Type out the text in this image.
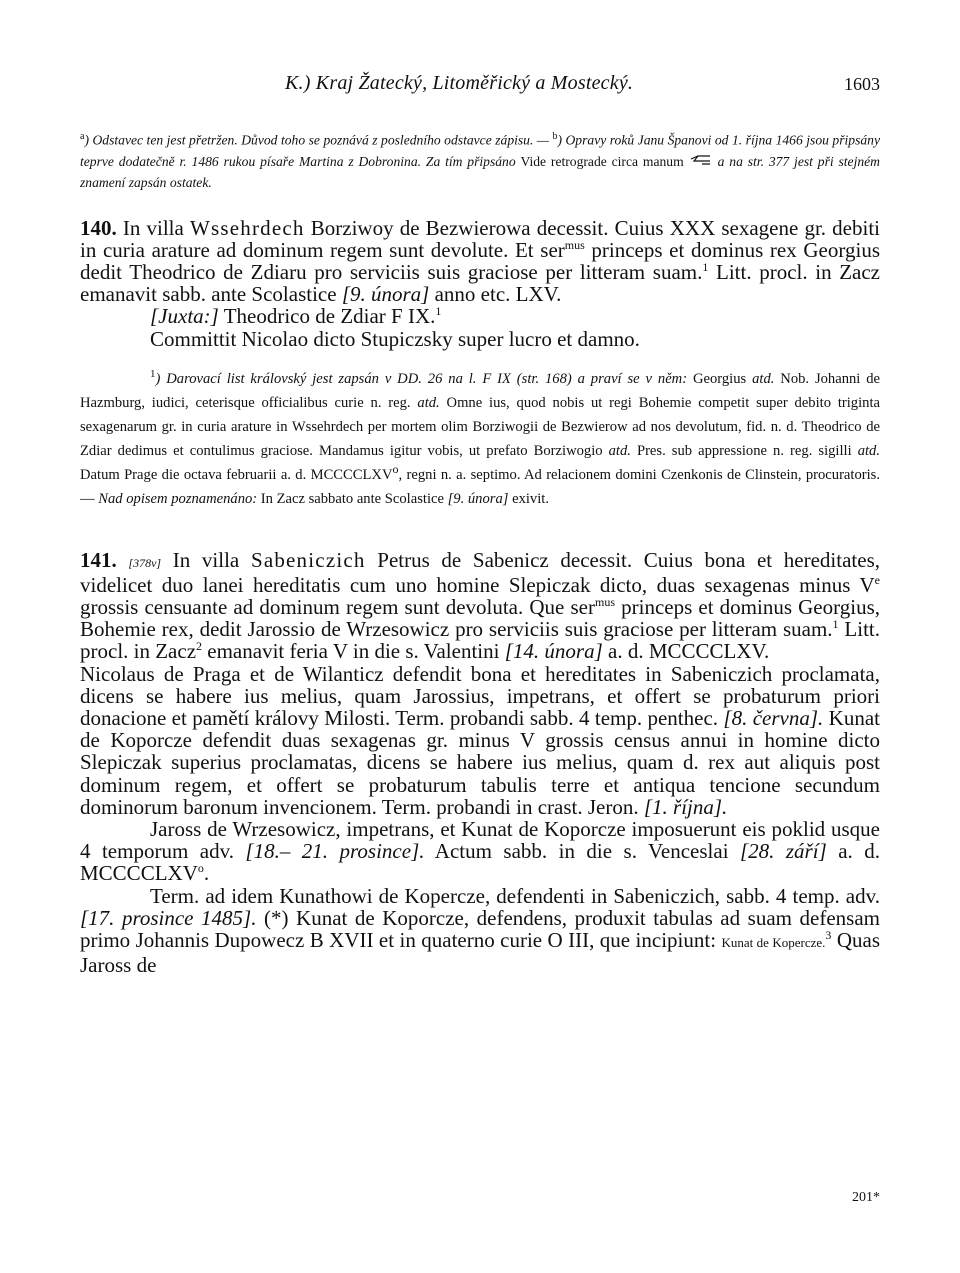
K.) Kraj Žatecký, Litoměřický a Mostecký.	1603
$^a$) Odstavec ten jest přetržen. Důvod toho se poznává z posledního odstavce zápisu. — $^b$) Opravy roků Janu Španovi od 1. října 1466 jsou připsány teprve dodatečně r. 1486 rukou písaře Martina z Dobronina. Za tím připsáno Vide retrograde circa manum	a na str. 377 jest při stejném znamení zapsán ostatek.
140. In villa Wssehrdech Borziwoy de Bezwierowa decessit. Cuius XXX sexagene gr. debiti in curia arature ad dominum regem sunt devolute. Et ser$^{mus}$ princeps et dominus rex Georgius dedit Theodrico de Zdiaru pro serviciis suis graciose per litteram suam.$^1$ Litt. procl. in Zacz emanavit sabb. ante Scolastice [9. února] anno etc. LXV.
[Juxta:] Theodrico de Zdiar F IX.$^1$
Committit Nicolao dicto Stupiczsky super lucro et damno.
$^1$) Darovací list královský jest zapsán v DD. 26 na l. F IX (str. 168) a praví se v něm: Georgius atd. Nob. Johanni de Hazmburg, iudici, ceterisque officialibus curie n. reg. atd. Omne ius, quod nobis ut regi Bohemie competit super debito triginta sexagenarum gr. in curia arature in Wssehrdech per mortem olim Borziwogii de Bezwierow ad nos devolutum, fid. n. d. Theodrico de Zdiar dedimus et contulimus graciose. Mandamus igitur vobis, ut prefato Borziwogio atd. Pres. sub appressione n. reg. sigilli atd. Datum Prage die octava februarii a. d. MCCCCLXV$^o$, regni n. a. septimo. Ad relacionem domini Czenkonis de Clinstein, procuratoris. — Nad opisem poznamenáno: In Zacz sabbato ante Scolastice [9. února] exivit.
141. [378v] In villa Sabeniczich Petrus de Sabenicz decessit. Cuius bona et hereditates, videlicet duo lanei hereditatis cum uno homine Slepiczak dicto, duas sexagenas minus Ve grossis censuante ad dominum regem sunt devoluta. Que ser$^{mus}$ princeps et dominus Georgius, Bohemie rex, dedit Jarossio de Wrzesowicz pro serviciis suis graciose per litteram suam.$^1$ Litt. procl. in Zacz$^2$ emanavit feria V in die s. Valentini [14. února] a. d. MCCCCLXV.
Nicolaus de Praga et de Wilanticz defendit bona et hereditates in Sabeniczich proclamata, dicens se habere ius melius, quam Jarossius, impetrans, et offert se probaturum priori donacione et pamětí královy Milosti. Term. probandi sabb. 4 temp. penthec. [8. června]. Kunat de Koporcze defendit duas sexagenas gr. minus V grossis census annui in homine dicto Slepiczak superius proclamatas, dicens se habere ius melius, quam d. rex aut aliquis post dominum regem, et offert se probaturum tabulis terre et antiqua tencione secundum dominorum baronum invencionem. Term. probandi in crast. Jeron. [1. října].
Jaross de Wrzesowicz, impetrans, et Kunat de Koporcze imposuerunt eis poklid usque 4 temporum adv. [18.– 21. prosince]. Actum sabb. in die s. Venceslai [28. září] a. d. MCCCCLXV$^o$.
Term. ad idem Kunathowi de Kopercze, defendenti in Sabeniczich, sabb. 4 temp. adv. [17. prosince 1485]. (*) Kunat de Koporcze, defendens, produxit tabulas ad suam defensam primo Johannis Dupowecz B XVII et in quaterno curie O III, que incipiunt: Kunat de Kopercze.$^3$ Quas Jaross de
201*
